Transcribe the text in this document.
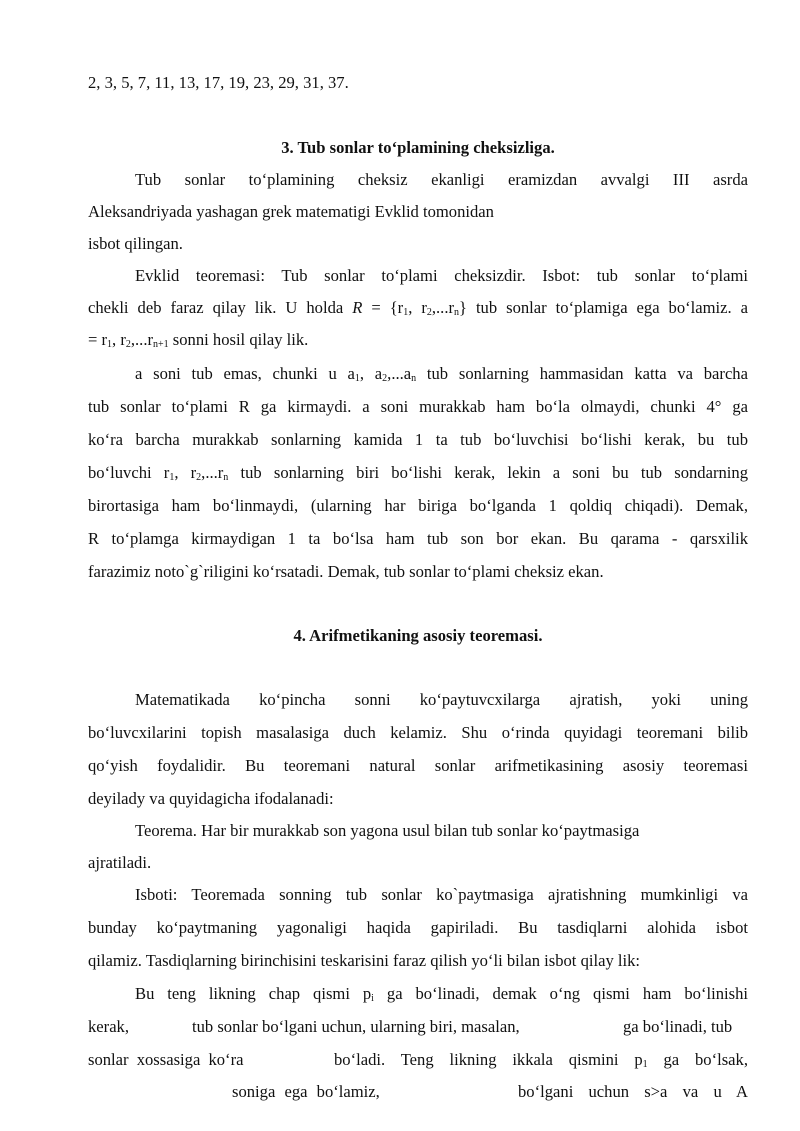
2, 3, 5, 7, 11, 13, 17, 19, 23, 29, 31, 37.
3. Tub sonlar to‘plamining cheksizliga.
Tub sonlar to‘plamining cheksiz ekanligi eramizdan avvalgi III asrda
Aleksandriyada yashagan grek matematigi Evklid tomonidan
isbot qilingan.
Evklid teoremasi: Tub sonlar to‘plami cheksizdir. Isbot: tub sonlar to‘plami
chekli deb faraz qilay lik. U holda $R = \{r_1$, $r_2,...r_n$} tub sonlar to‘plamiga ega bo‘lamiz. a
= $r_1$, $r_2,...r_{n+1}$ sonni hosil qilay lik.
a soni tub emas, chunki u $a_1$, $a_2,...a_n$ tub sonlarning hammasidan katta va barcha
tub sonlar to‘plami R ga kirmaydi. a soni murakkab ham bo‘la olmaydi, chunki 4° ga
ko‘ra barcha murakkab sonlarning kamida 1 ta tub bo‘luvchisi bo‘lishi kerak, bu tub
bo‘luvchi $r_1$, $r_2,...r_n$ tub sonlarning biri bo‘lishi kerak, lekin a soni bu tub sondarning
birortasiga ham bo‘linmaydi, (ularning har biriga bo‘lganda 1 qoldiq chiqadi). Demak,
R to‘plamga kirmaydigan 1 ta bo‘lsa ham tub son bor ekan. Bu qarama - qarsxilik
farazimiz noto`g`riligini ko‘rsatadi. Demak, tub sonlar to‘plami cheksiz ekan.
4. Arifmetikaning asosiy teoremasi.
Matematikada ko‘pincha sonni ko‘paytuvcxilarga ajratish, yoki uning
bo‘luvcxilarini topish masalasiga duch kelamiz. Shu o‘rinda quyidagi teoremani bilib
qo‘yish foydalidir. Bu teoremani natural sonlar arifmetikasining asosiy teoremasi
deyilady va quyidagicha ifodalanadi:
Teorema. Har bir murakkab son yagona usul bilan tub sonlar ko‘paytmasiga
ajratiladi.
Isboti: Teoremada sonning tub sonlar ko`paytmasiga ajratishning mumkinligi va
bunday ko‘paytmaning yagonaligi haqida gapiriladi. Bu tasdiqlarni alohida isbot
qilamiz. Tasdiqlarning birinchisini teskarisini faraz qilish yo‘li bilan isbot qilay lik:
Bu teng likning chap qismi $p_i$ ga bo‘linadi, demak o‘ng qismi ham bo‘linishi
kerak,	tub sonlar bo‘lgani uchun, ularning biri, masalan,	ga bo‘linadi, tub
sonlar xossasiga ko‘ra	bo‘ladi. Teng likning ikkala qismini $p_1$ ga bo‘lsak,
soniga ega bo‘lamiz,	bo‘lgani uchun s>a va u A
